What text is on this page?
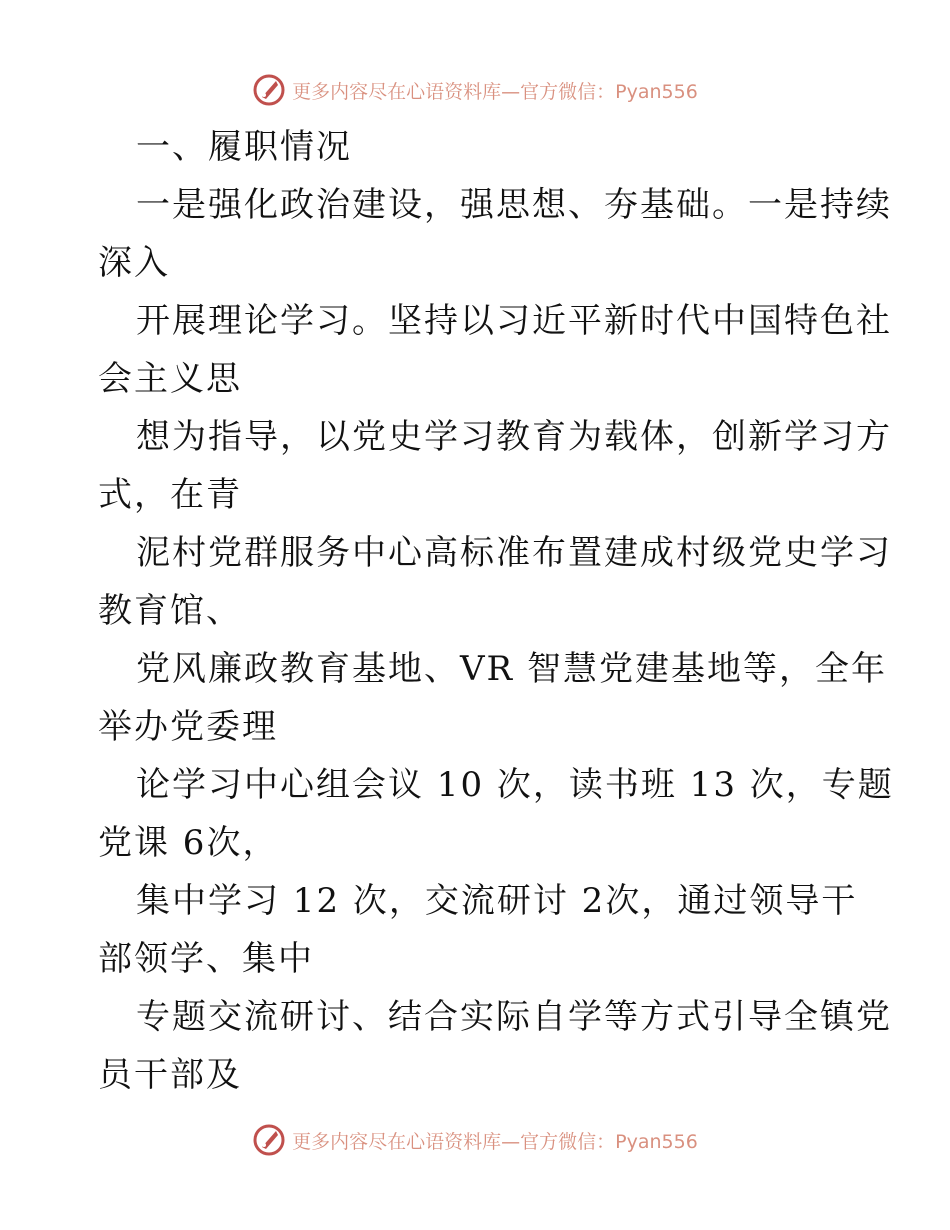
更多内容尽在心语资料库—官方微信：Pyan556
一、履职情况
一是强化政治建设，强思想、夯基础。一是持续
深入
开展理论学习。坚持以习近平新时代中国特色社
会主义思
想为指导，以党史学习教育为载体，创新学习方
式，在青
泥村党群服务中心高标准布置建成村级党史学习
教育馆、
党风廉政教育基地、VR 智慧党建基地等，全年
举办党委理
论学习中心组会议 10 次，读书班 13 次，专题
党课 6次，
集中学习 12 次，交流研讨 2次，通过领导干
部领学、集中
专题交流研讨、结合实际自学等方式引导全镇党
员干部及
更多内容尽在心语资料库—官方微信：Pyan556
